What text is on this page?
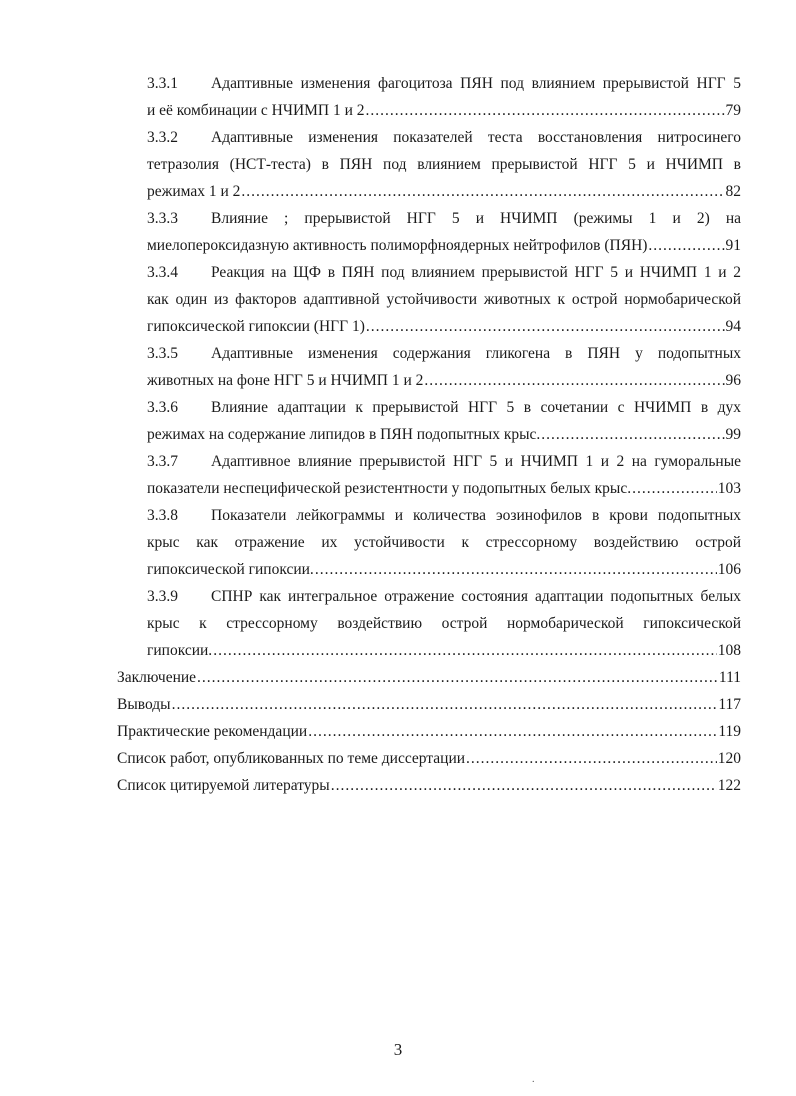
3.3.1 Адаптивные изменения фагоцитоза ПЯН под влиянием прерывистой НГГ 5
и её комбинации с НЧИМП 1 и 2 .....	79
3.3.2 Адаптивные изменения показателей теста восстановления нитросинего
тетразолия (НСТ-теста) в ПЯН под влиянием прерывистой НГГ 5 и НЧИМП в
режимах 1 и 2 .....	82
3.3.3 Влияние ; прерывистой НГГ 5 и НЧИМП (режимы 1 и 2) на
миелопероксидазную активность полиморфноядерных нейтрофилов (ПЯН) .....	91
3.3.4 Реакция на ЩФ в ПЯН под влиянием прерывистой НГГ 5 и НЧИМП 1 и 2
как один из факторов адаптивной устойчивости животных к острой нормобарической
гипоксической гипоксии (НГГ 1) .....	94
3.3.5 Адаптивные изменения содержания гликогена в ПЯН у подопытных
животных на фоне НГГ 5 и НЧИМП 1 и 2 .....	96
3.3.6 Влияние адаптации к прерывистой НГГ 5 в сочетании с НЧИМП в дух
режимах на содержание липидов в ПЯН подопытных крыс. .....	99
3.3.7 Адаптивное влияние прерывистой НГГ 5 и НЧИМП 1 и 2 на гуморальные
показатели неспецифической резистентности у подопытных белых крыс. .....	103
3.3.8 Показатели лейкограммы и количества эозинофилов в крови подопытных
крыс как отражение их устойчивости к стрессорному воздействию острой
гипоксической гипоксии. .....	106
3.3.9 СПНР как интегральное отражение состояния адаптации подопытных белых
крыс к стрессорному воздействию острой нормобарической гипоксической
гипоксии. .....	108
Заключение .....	111
Выводы .....	117
Практические рекомендации .....	119
Список работ, опубликованных по теме диссертации .....	120
Список цитируемой литературы .....	122
3
.
